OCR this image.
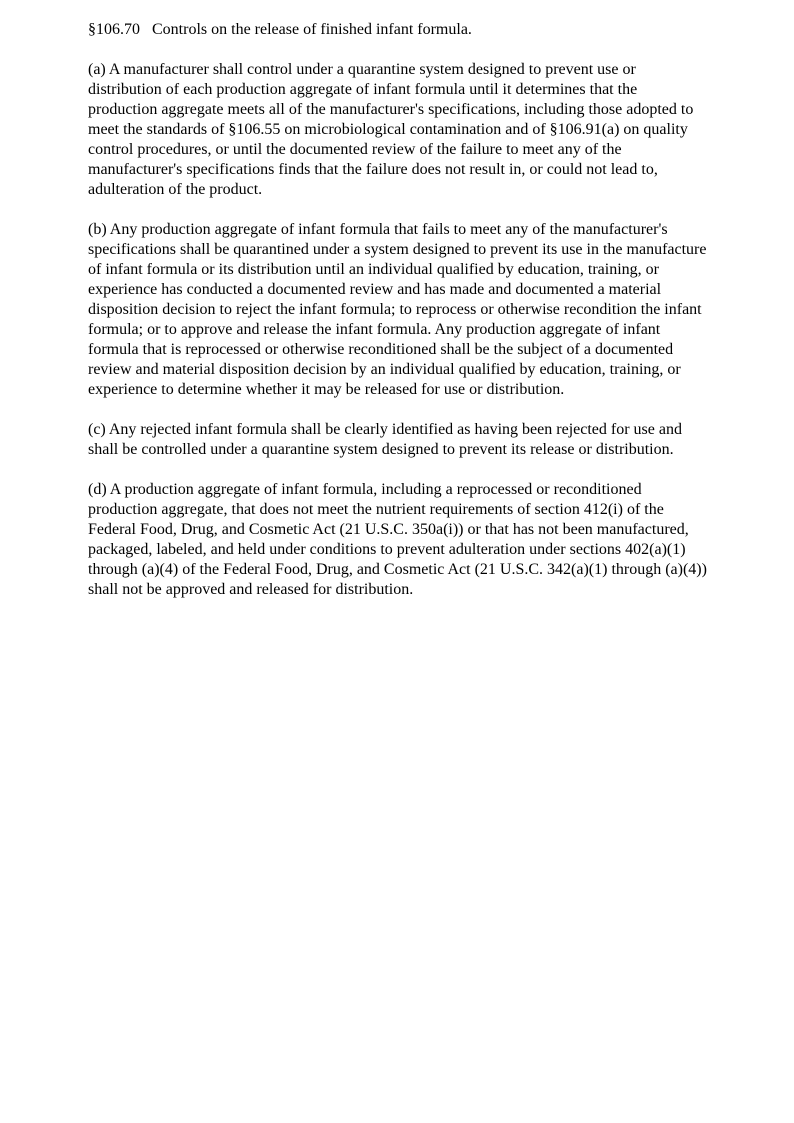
§106.70   Controls on the release of finished infant formula.

(a) A manufacturer shall control under a quarantine system designed to prevent use or distribution of each production aggregate of infant formula until it determines that the production aggregate meets all of the manufacturer's specifications, including those adopted to meet the standards of §106.55 on microbiological contamination and of §106.91(a) on quality control procedures, or until the documented review of the failure to meet any of the manufacturer's specifications finds that the failure does not result in, or could not lead to, adulteration of the product.

(b) Any production aggregate of infant formula that fails to meet any of the manufacturer's specifications shall be quarantined under a system designed to prevent its use in the manufacture of infant formula or its distribution until an individual qualified by education, training, or experience has conducted a documented review and has made and documented a material disposition decision to reject the infant formula; to reprocess or otherwise recondition the infant formula; or to approve and release the infant formula. Any production aggregate of infant formula that is reprocessed or otherwise reconditioned shall be the subject of a documented review and material disposition decision by an individual qualified by education, training, or experience to determine whether it may be released for use or distribution.

(c) Any rejected infant formula shall be clearly identified as having been rejected for use and shall be controlled under a quarantine system designed to prevent its release or distribution.

(d) A production aggregate of infant formula, including a reprocessed or reconditioned production aggregate, that does not meet the nutrient requirements of section 412(i) of the Federal Food, Drug, and Cosmetic Act (21 U.S.C. 350a(i)) or that has not been manufactured, packaged, labeled, and held under conditions to prevent adulteration under sections 402(a)(1) through (a)(4) of the Federal Food, Drug, and Cosmetic Act (21 U.S.C. 342(a)(1) through (a)(4)) shall not be approved and released for distribution.
